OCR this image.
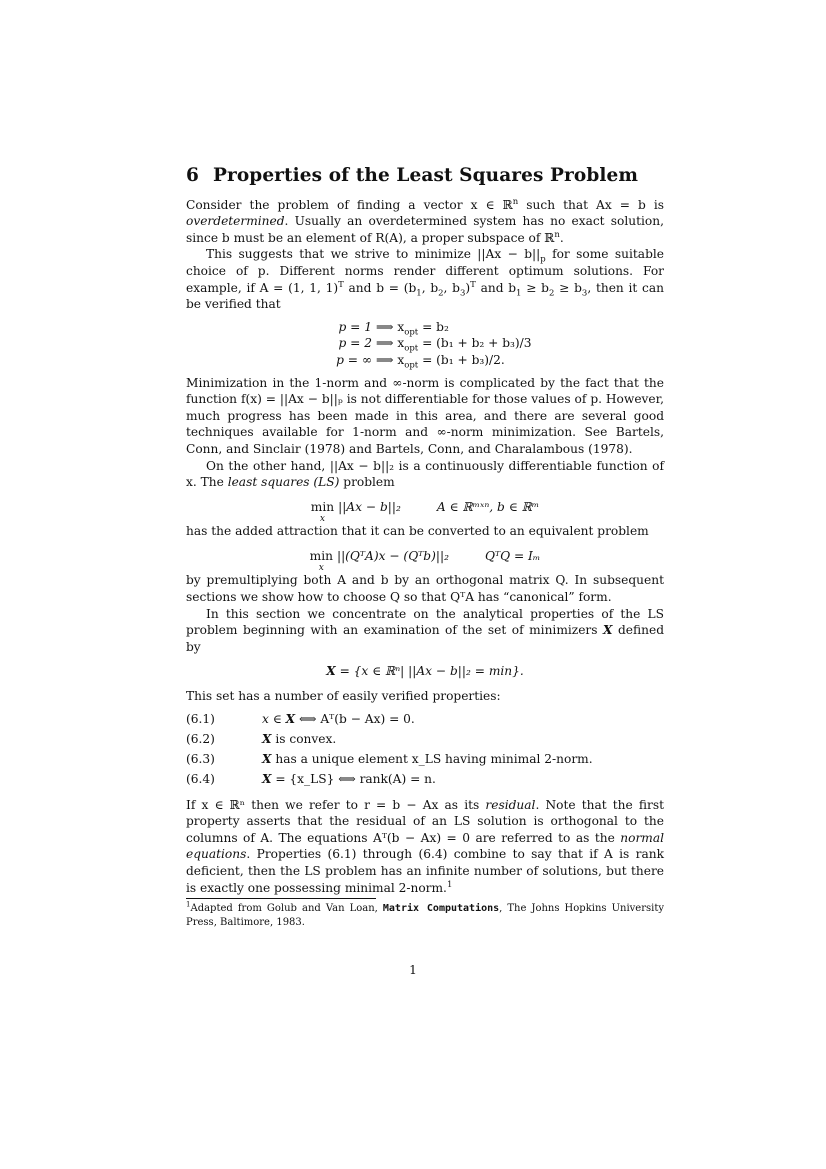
6 Properties of the Least Squares Problem

Consider the problem of finding a vector x ∈ ℝ$^n$ such that Ax = b is overdetermined. Usually an overdetermined system has no exact solution, since b must be an element of R(A), a proper subspace of ℝ$^n$.

This suggests that we strive to minimize $||Ax - b||_p$ for some suitable choice of p. Different norms render different optimum solutions. For example, if A = (1, 1, 1)$^T$ and $b = (b_1$, $b_2$, $b_3)^T$ and $b_1 \ge b_2 \ge b_3$, then it can be verified that

p = 1 ⟹ $x_{opt} = b_2$
p = 2 ⟹ $x_{opt} = (b_1 + b_2 + b_3)/3$
p = ∞ ⟹ $x_{opt} = (b_1 + b_3)/2$.

Minimization in the 1-norm and ∞-norm is complicated by the fact that the function f(x) = ||Ax − b||ₚ is not differentiable for those values of p. However, much progress has been made in this area, and there are several good techniques available for 1-norm and ∞-norm minimization. See Bartels, Conn, and Sinclair (1978) and Bartels, Conn, and Charalambous (1978).

On the other hand, ||Ax − b||₂ is a continuously differentiable function of x. The least squares (LS) problem

min
x
||Ax − b||₂	A ∈ ℝᵐˣⁿ, b ∈ ℝᵐ

has the added attraction that it can be converted to an equivalent problem

min
x
||(QᵀA)x − (Qᵀb)||₂	QᵀQ = Iₘ

by premultiplying both A and b by an orthogonal matrix Q. In subsequent sections we show how to choose Q so that QᵀA has “canonical” form.

In this section we concentrate on the analytical properties of the LS problem beginning with an examination of the set of minimizers X defined by

X = {x ∈ ℝⁿ| ||Ax − b||₂ = min}.

This set has a number of easily verified properties:

(6.1)	x ∈ X ⟺ Aᵀ(b − Ax) = 0.
(6.2)	X is convex.
(6.3)	X has a unique element x_LS having minimal 2-norm.
(6.4)	X = {x_LS} ⟺ rank(A) = n.

If x ∈ ℝⁿ then we refer to r = b − Ax as its residual. Note that the first property asserts that the residual of an LS solution is orthogonal to the columns of A. The equations Aᵀ(b − Ax) = 0 are referred to as the normal equations. Properties (6.1) through (6.4) combine to say that if A is rank deficient, then the LS problem has an infinite number of solutions, but there is exactly one possessing minimal 2-norm.$^1$

$^1$Adapted from Golub and Van Loan, Matrix Computations, The Johns Hopkins University Press, Baltimore, 1983.
1
